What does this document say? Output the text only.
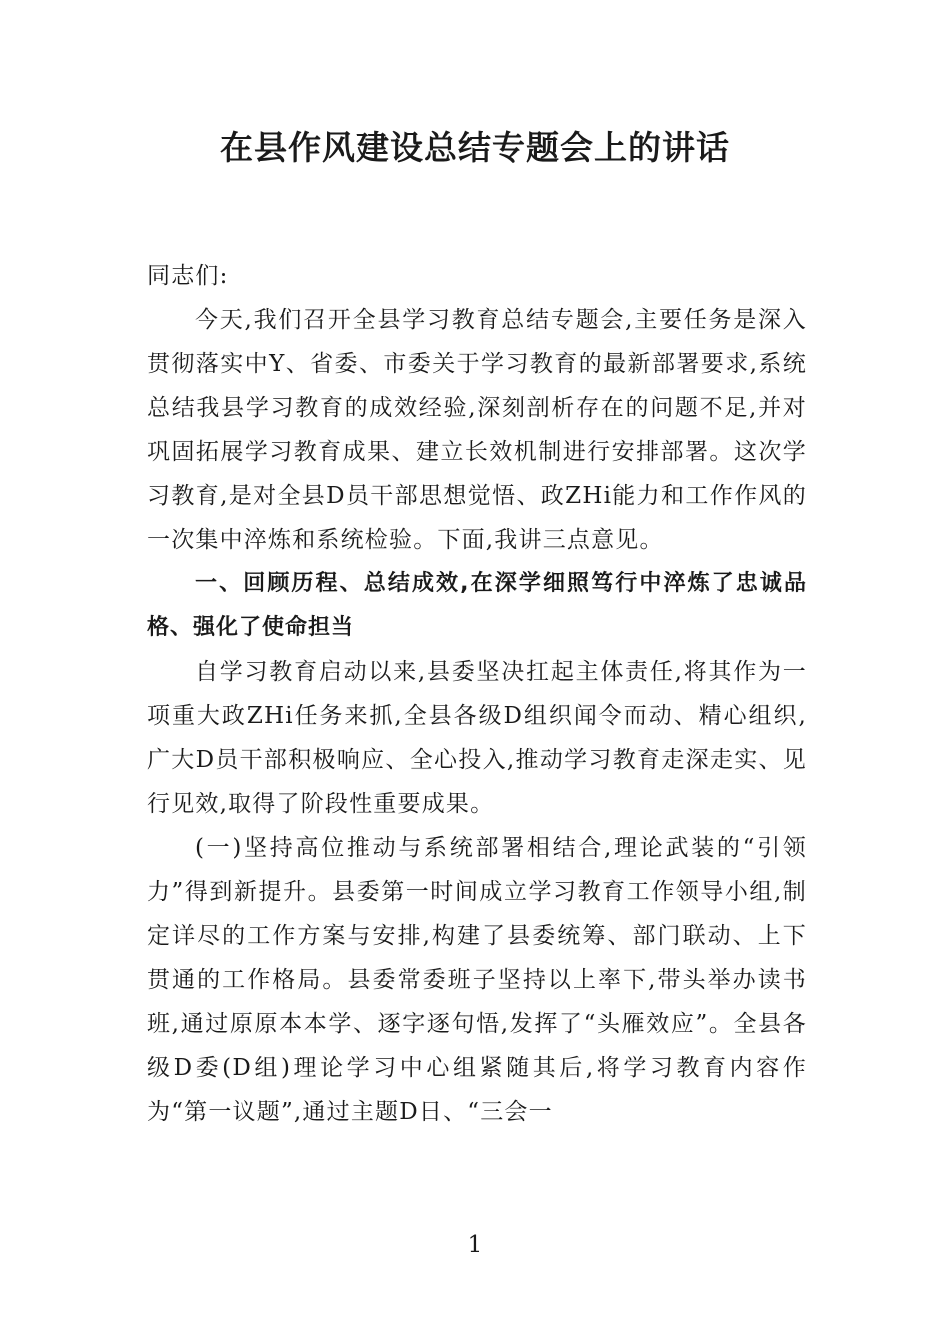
在县作风建设总结专题会上的讲话

同志们:

今天,我们召开全县学习教育总结专题会,主要任务是深入贯彻落实中Y、省委、市委关于学习教育的最新部署要求,系统总结我县学习教育的成效经验,深刻剖析存在的问题不足,并对巩固拓展学习教育成果、建立长效机制进行安排部署。这次学习教育,是对全县D员干部思想觉悟、政ZHi能力和工作作风的一次集中淬炼和系统检验。下面,我讲三点意见。

一、回顾历程、总结成效,在深学细照笃行中淬炼了忠诚品格、强化了使命担当

自学习教育启动以来,县委坚决扛起主体责任,将其作为一项重大政ZHi任务来抓,全县各级D组织闻令而动、精心组织,广大D员干部积极响应、全心投入,推动学习教育走深走实、见行见效,取得了阶段性重要成果。

(一)坚持高位推动与系统部署相结合,理论武装的“引领力”得到新提升。县委第一时间成立学习教育工作领导小组,制定详尽的工作方案与安排,构建了县委统筹、部门联动、上下贯通的工作格局。县委常委班子坚持以上率下,带头举办读书班,通过原原本本学、逐字逐句悟,发挥了“头雁效应”。全县各级D委(D组)理论学习中心组紧随其后,将学习教育内容作为“第一议题”,通过主题D日、“三会一

1
